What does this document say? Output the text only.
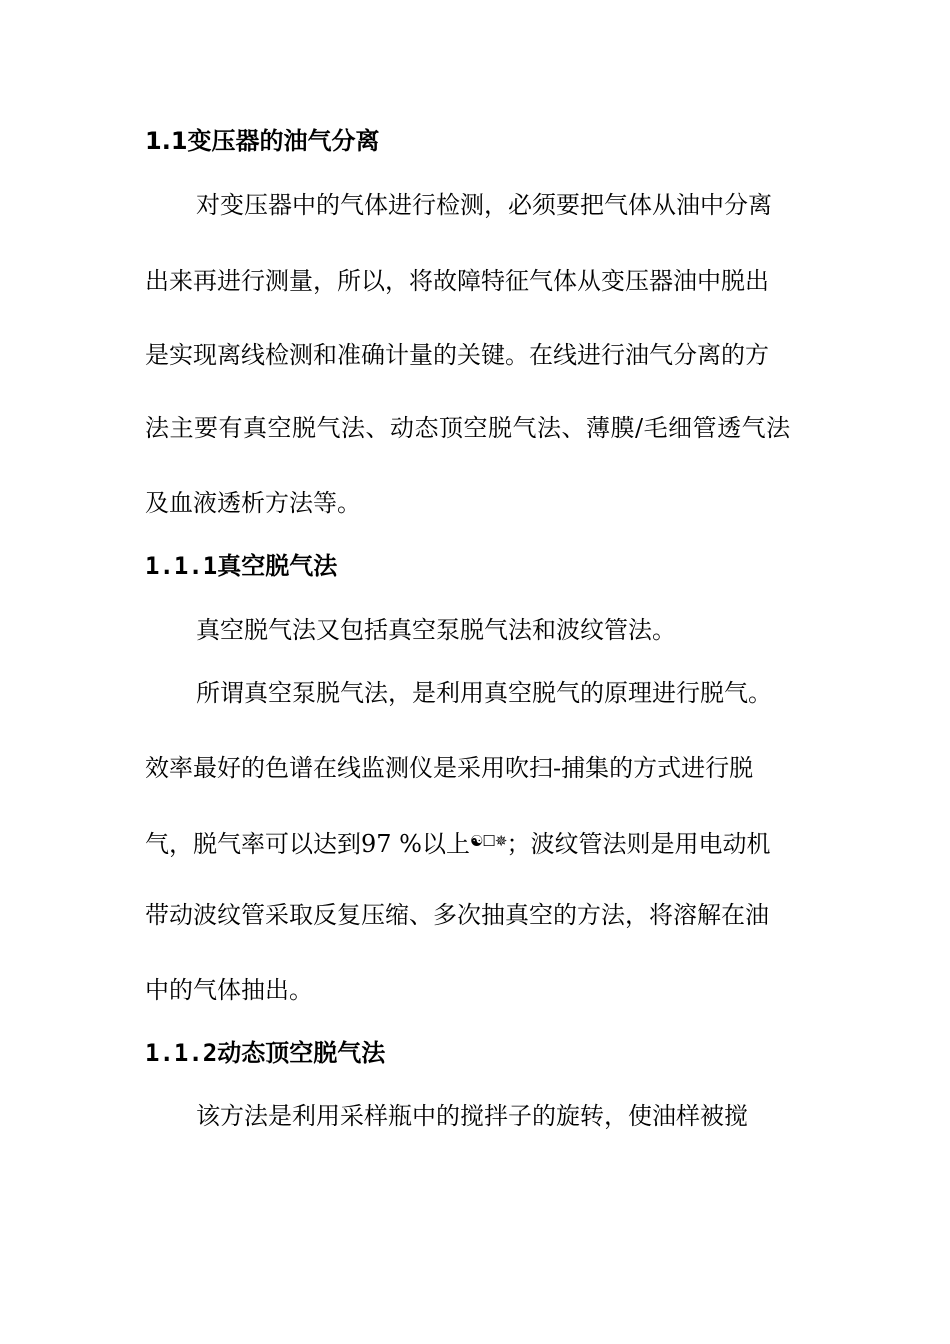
1.1变压器的油气分离
对变压器中的气体进行检测，必须要把气体从油中分离
出来再进行测量，所以，将故障特征气体从变压器油中脱出
是实现离线检测和准确计量的关键。在线进行油气分离的方
法主要有真空脱气法、动态顶空脱气法、薄膜/毛细管透气法
及血液透析方法等。
1.1.1真空脱气法
真空脱气法又包括真空泵脱气法和波纹管法。
所谓真空泵脱气法，是利用真空脱气的原理进行脱气。
效率最好的色谱在线监测仪是采用吹扫-捕集的方式进行脱
气，脱气率可以达到97 %以上☯☐✵；波纹管法则是用电动机
带动波纹管采取反复压缩、多次抽真空的方法，将溶解在油
中的气体抽出。
1.1.2动态顶空脱气法
该方法是利用采样瓶中的搅拌子的旋转，使油样被搅
